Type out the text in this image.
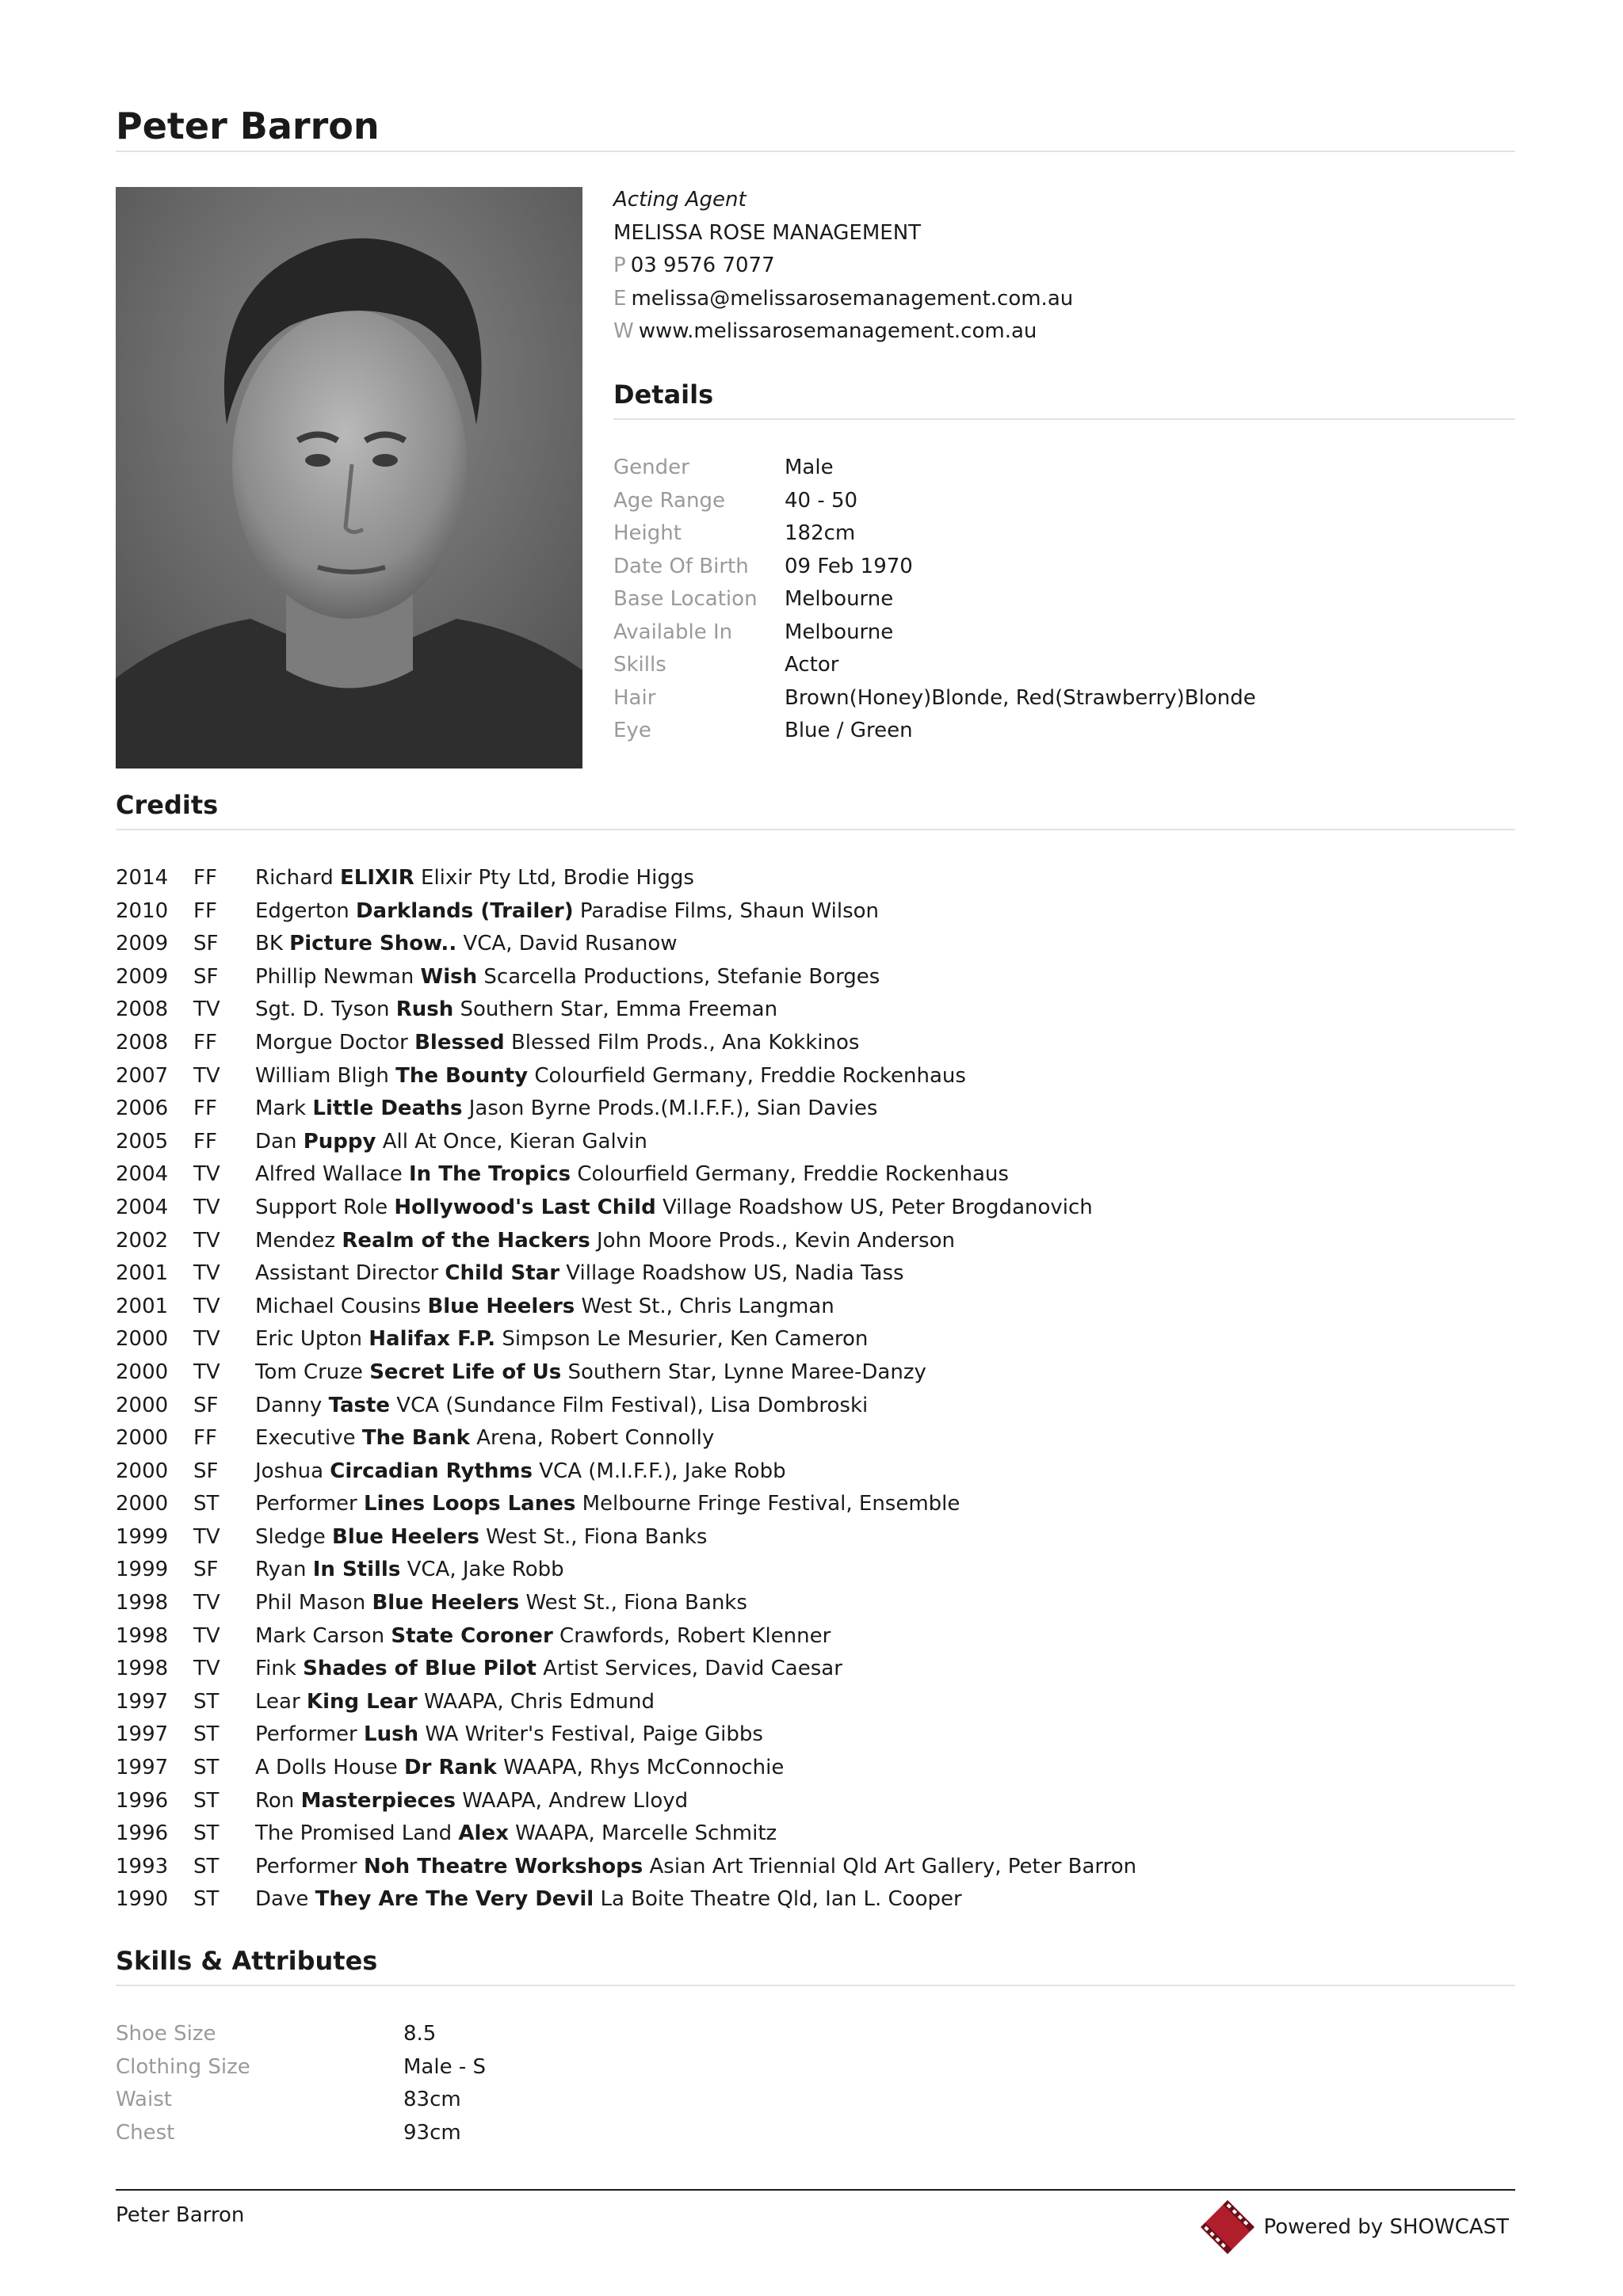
Peter Barron
Acting Agent
MELISSA ROSE MANAGEMENT
P 03 9576 7077
E melissa@melissarosemanagement.com.au
W www.melissarosemanagement.com.au
Details
Gender	Male
Age Range	40 - 50
Height	182cm
Date Of Birth 09 Feb 1970
Base Location Melbourne
Available In	Melbourne
Skills	Actor
Hair	Brown(Honey)Blonde, Red(Strawberry)Blonde
Eye	Blue / Green
Credits
2014 FF Richard ELIXIR Elixir Pty Ltd, Brodie Higgs
2010 FF Edgerton Darklands (Trailer) Paradise Films, Shaun Wilson
2009 SF BK Picture Show.. VCA, David Rusanow
2009 SF Phillip Newman Wish Scarcella Productions, Stefanie Borges
2008 TV Sgt. D. Tyson Rush Southern Star, Emma Freeman
2008 FF Morgue Doctor Blessed Blessed Film Prods., Ana Kokkinos
2007 TV William Bligh The Bounty Colourfield Germany, Freddie Rockenhaus
2006 FF Mark Little Deaths Jason Byrne Prods.(M.I.F.F.), Sian Davies
2005 FF Dan Puppy All At Once, Kieran Galvin
2004 TV Alfred Wallace In The Tropics Colourfield Germany, Freddie Rockenhaus
2004 TV Support Role Hollywood's Last Child Village Roadshow US, Peter Brogdanovich
2002 TV Mendez Realm of the Hackers John Moore Prods., Kevin Anderson
2001 TV Assistant Director Child Star Village Roadshow US, Nadia Tass
2001 TV Michael Cousins Blue Heelers West St., Chris Langman
2000 TV Eric Upton Halifax F.P. Simpson Le Mesurier, Ken Cameron
2000 TV Tom Cruze Secret Life of Us Southern Star, Lynne Maree-Danzy
2000 SF Danny Taste VCA (Sundance Film Festival), Lisa Dombroski
2000 FF Executive The Bank Arena, Robert Connolly
2000 SF Joshua Circadian Rythms VCA (M.I.F.F.), Jake Robb
2000 ST Performer Lines Loops Lanes Melbourne Fringe Festival, Ensemble
1999 TV Sledge Blue Heelers West St., Fiona Banks
1999 SF Ryan In Stills VCA, Jake Robb
1998 TV Phil Mason Blue Heelers West St., Fiona Banks
1998 TV Mark Carson State Coroner Crawfords, Robert Klenner
1998 TV Fink Shades of Blue Pilot Artist Services, David Caesar
1997 ST Lear King Lear WAAPA, Chris Edmund
1997 ST Performer Lush WA Writer's Festival, Paige Gibbs
1997 ST A Dolls House Dr Rank WAAPA, Rhys McConnochie
1996 ST Ron Masterpieces WAAPA, Andrew Lloyd
1996 ST The Promised Land Alex WAAPA, Marcelle Schmitz
1993 ST Performer Noh Theatre Workshops Asian Art Triennial Qld Art Gallery, Peter Barron
1990 ST Dave They Are The Very Devil La Boite Theatre Qld, Ian L. Cooper
Skills & Attributes
Shoe Size	8.5
Clothing Size	Male - S
Waist	83cm
Chest	93cm
Peter Barron	Powered by SHOWCAST
